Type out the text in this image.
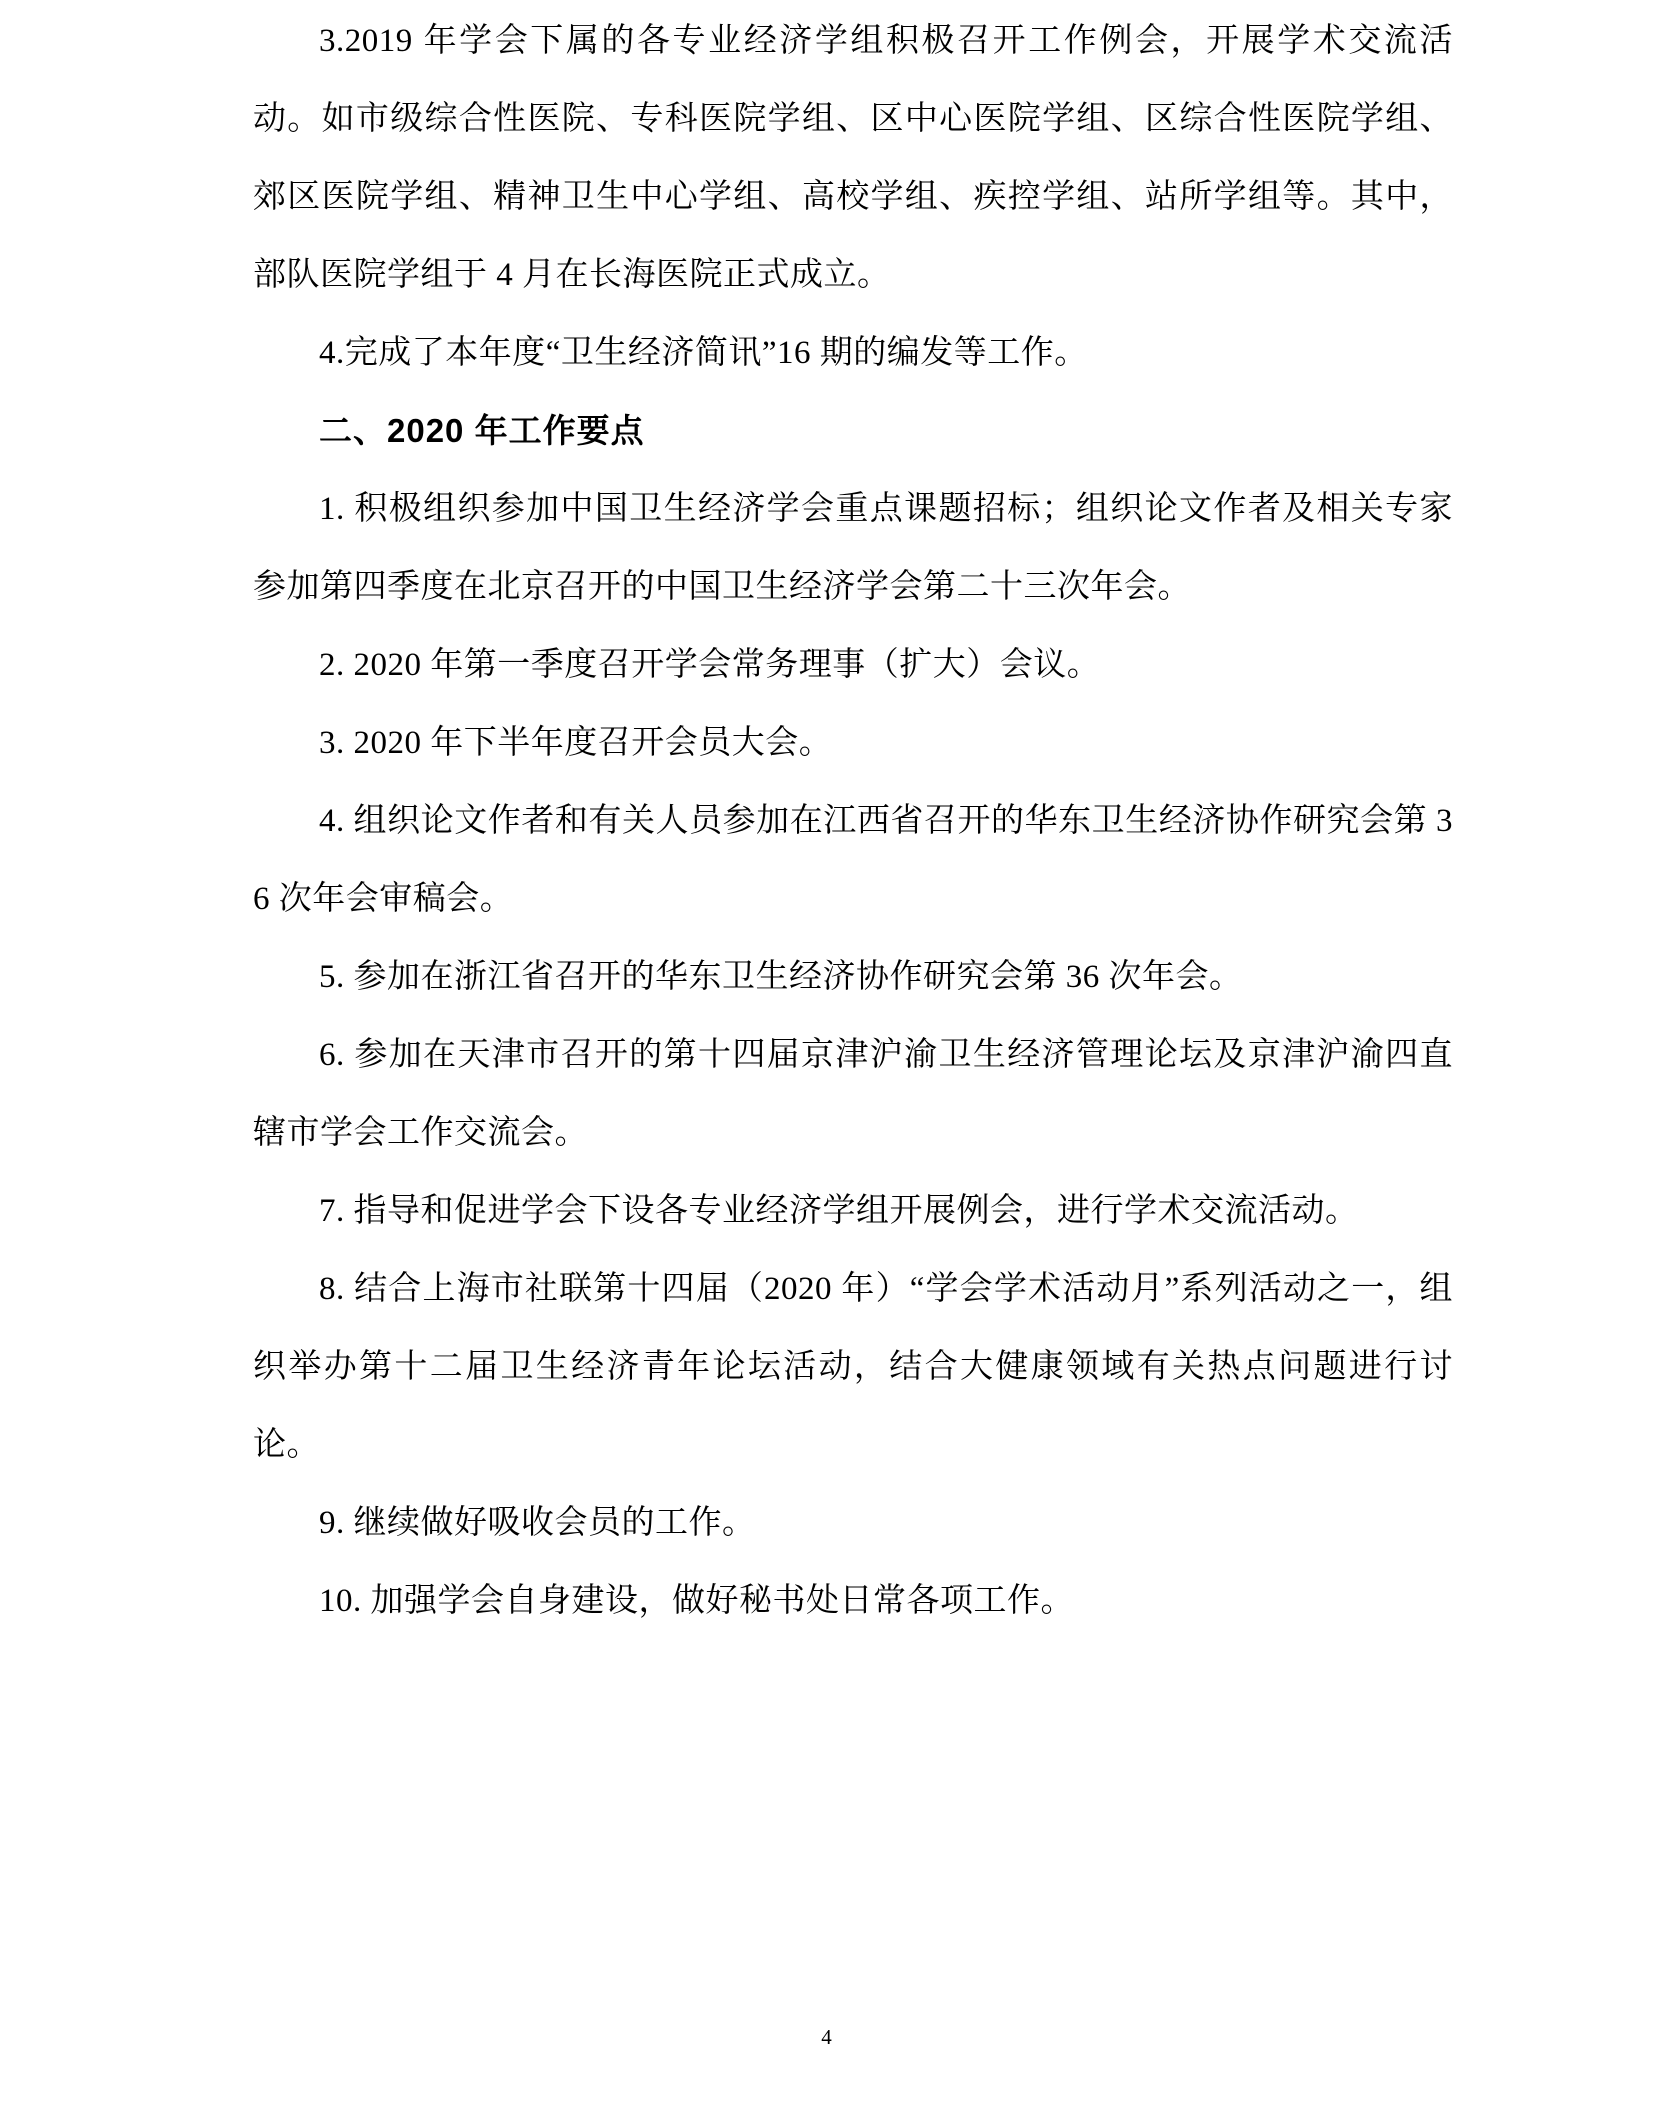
3.2019 年学会下属的各专业经济学组积极召开工作例会，开展学术交流活动。如市级综合性医院、专科医院学组、区中心医院学组、区综合性医院学组、郊区医院学组、精神卫生中心学组、高校学组、疾控学组、站所学组等。其中，部队医院学组于 4 月在长海医院正式成立。

4.完成了本年度“卫生经济简讯”16 期的编发等工作。

二、2020 年工作要点

1. 积极组织参加中国卫生经济学会重点课题招标；组织论文作者及相关专家参加第四季度在北京召开的中国卫生经济学会第二十三次年会。

2. 2020 年第一季度召开学会常务理事（扩大）会议。

3. 2020 年下半年度召开会员大会。

4. 组织论文作者和有关人员参加在江西省召开的华东卫生经济协作研究会第 36 次年会审稿会。

5. 参加在浙江省召开的华东卫生经济协作研究会第 36 次年会。

6. 参加在天津市召开的第十四届京津沪渝卫生经济管理论坛及京津沪渝四直辖市学会工作交流会。

7. 指导和促进学会下设各专业经济学组开展例会，进行学术交流活动。

8. 结合上海市社联第十四届（2020 年）“学会学术活动月”系列活动之一，组织举办第十二届卫生经济青年论坛活动，结合大健康领域有关热点问题进行讨论。

9. 继续做好吸收会员的工作。

10. 加强学会自身建设，做好秘书处日常各项工作。

4
